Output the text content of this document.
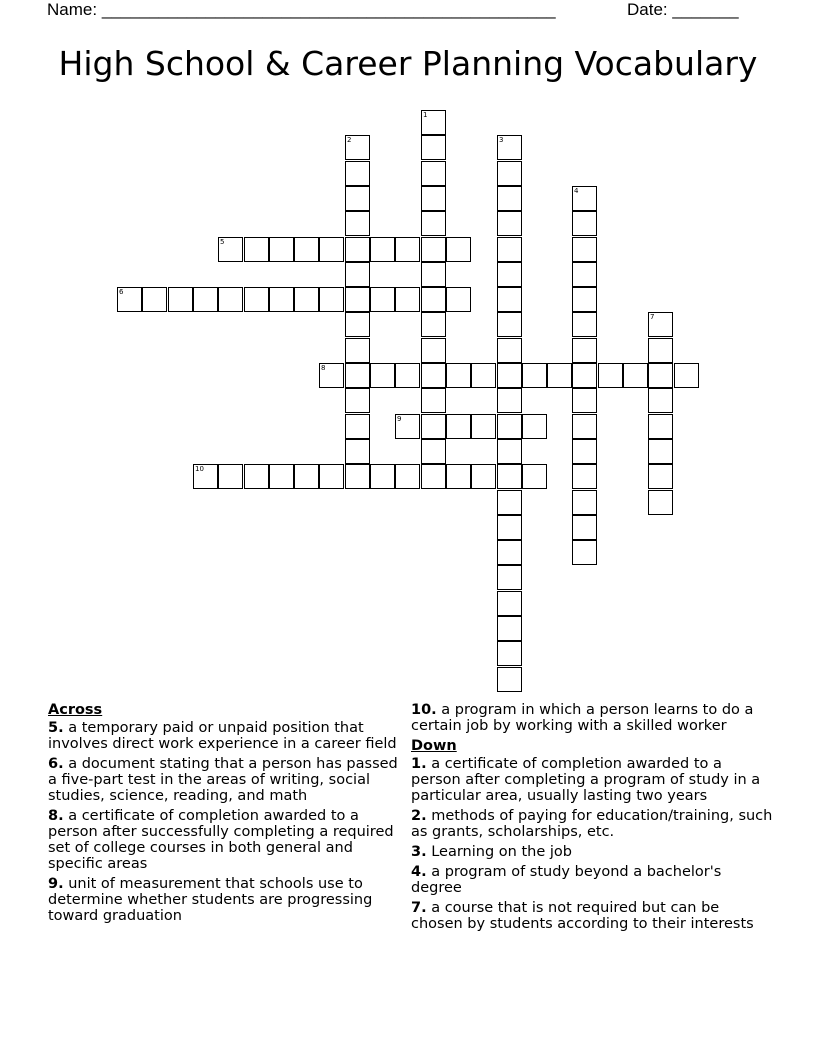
Name: ________________________________________________	Date: _______
High School & Career Planning Vocabulary
1
2	3
4
5
6
7
8
9
10
Across
5. a temporary paid or unpaid position that involves direct work experience in a career field
6. a document stating that a person has passed a five-part test in the areas of writing, social studies, science, reading, and math
8. a certificate of completion awarded to a person after successfully completing a required set of college courses in both general and specific areas
9. unit of measurement that schools use to determine whether students are progressing toward graduation
10. a program in which a person learns to do a certain job by working with a skilled worker
Down
1. a certificate of completion awarded to a person after completing a program of study in a particular area, usually lasting two years
2. methods of paying for education/training, such as grants, scholarships, etc.
3. Learning on the job
4. a program of study beyond a bachelor's degree
7. a course that is not required but can be chosen by students according to their interests
